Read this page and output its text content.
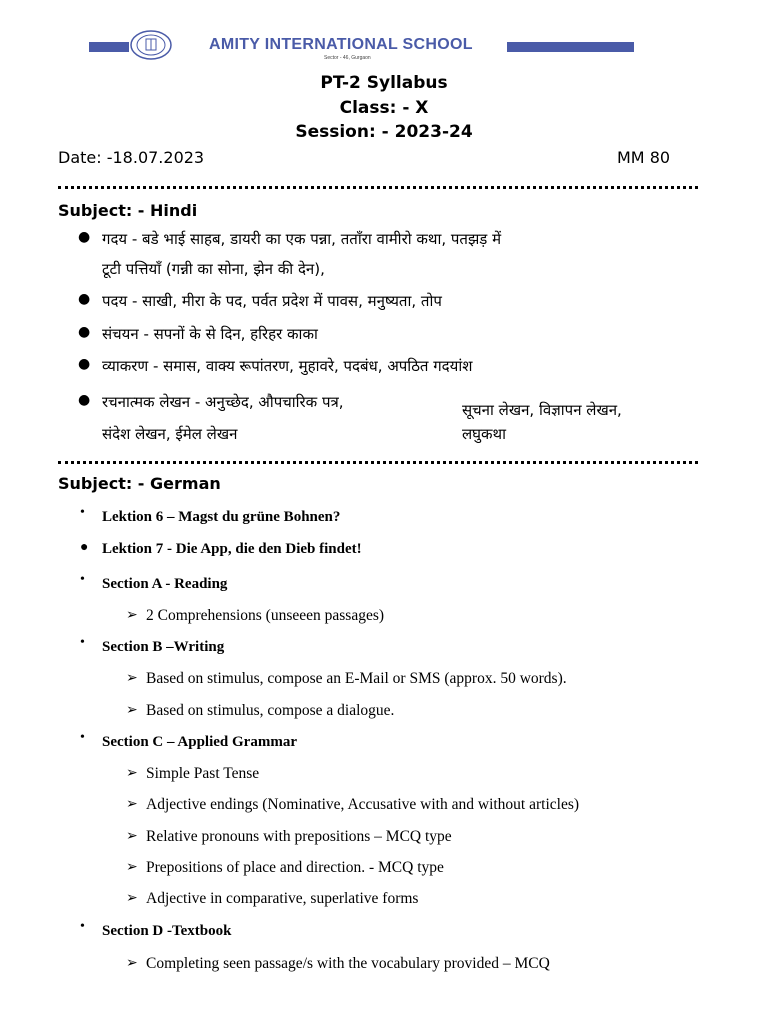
AMITY INTERNATIONAL SCHOOL
Sector - 46, Gurgaon
PT-2 Syllabus
Class: - X
Session: - 2023-24
Date: -18.07.2023	MM 80
Subject: - Hindi
● गदय - बडे भाई साहब, डायरी का एक पन्ना, तताँरा वामीरो कथा, पतझड़ में
टूटी पत्तियाँ (गन्नी का सोना, झेन की देन),
● पदय - साखी, मीरा के पद, पर्वत प्रदेश में पावस, मनुष्यता, तोप
● संचयन - सपनों के से दिन, हरिहर काका
● व्याकरण - समास, वाक्य रूपांतरण, मुहावरे, पदबंध, अपठित गदयांश
● रचनात्मक लेखन - अनुच्छेद, औपचारिक पत्र,	सूचना लेखन, विज्ञापन लेखन,
संदेश लेखन, ईमेल लेखन	लघुकथा
Subject: - German
• Lektion 6 – Magst du grüne Bohnen?
● Lektion 7 - Die App, die den Dieb findet!
• Section A - Reading
➢ 2 Comprehensions (unseeen passages)
• Section B –Writing
➢ Based on stimulus, compose an E-Mail or SMS (approx. 50 words).
➢ Based on stimulus, compose a dialogue.
• Section C – Applied Grammar
➢ Simple Past Tense
➢ Adjective endings (Nominative, Accusative with and without articles)
➢ Relative pronouns with prepositions – MCQ type
➢ Prepositions of place and direction. - MCQ type
➢ Adjective in comparative, superlative forms
• Section D -Textbook
➢ Completing seen passage/s with the vocabulary provided – MCQ
